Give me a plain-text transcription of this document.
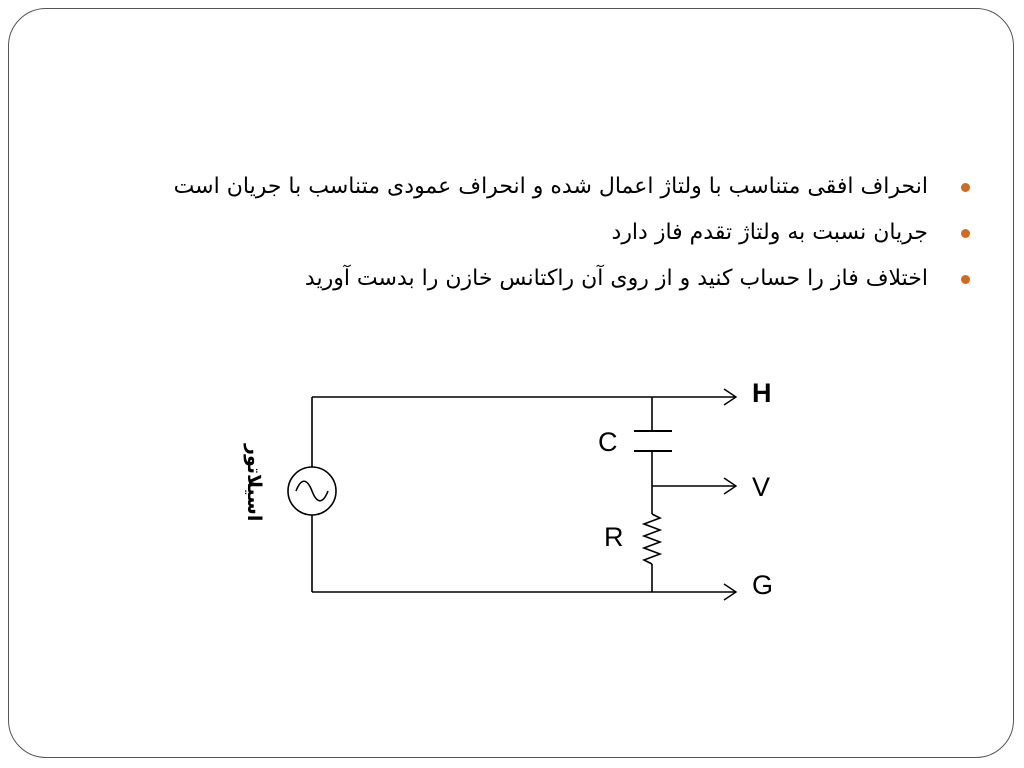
انحراف افقی متناسب با ولتاژ اعمال شده و انحراف عمودی متناسب با جریان است
جریان نسبت به ولتاژ تقدم فاز دارد
اختلاف فاز را حساب کنید و از روی آن راکتانس خازن را بدست آورید
C
R
اسیلاتور
H
V
G
